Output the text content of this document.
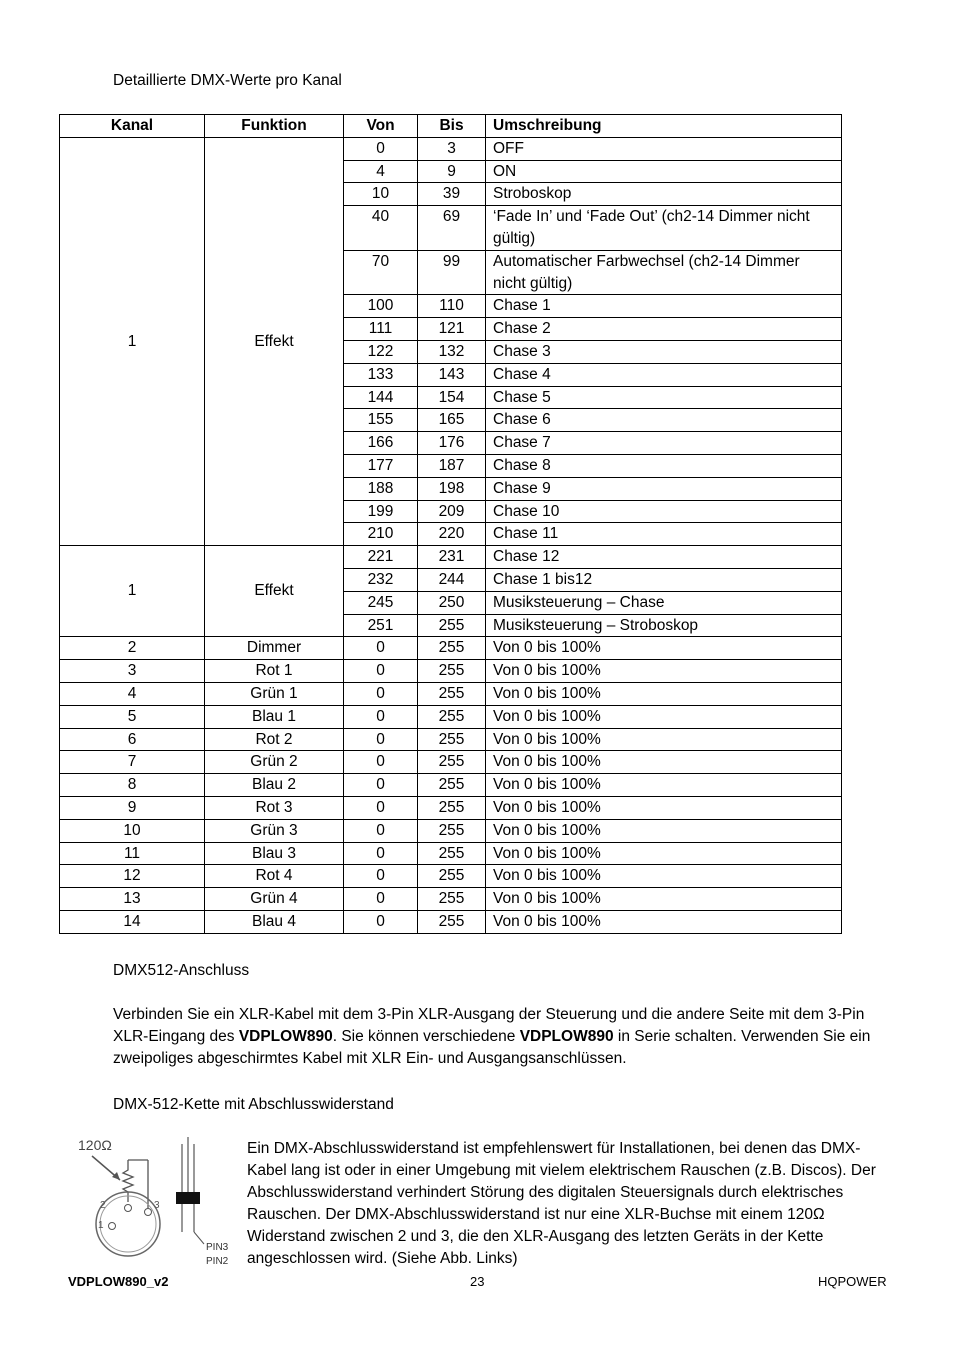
Detaillierte DMX-Werte pro Kanal
Kanal	Funktion	Von	Bis	Umschreibung
1	Effekt	0	3	OFF
		4	9	ON
		10	39	Stroboskop
		40	69	‘Fade In’ und ‘Fade Out’ (ch2-14 Dimmer nicht gültig)
		70	99	Automatischer Farbwechsel (ch2-14 Dimmer nicht gültig)
		100	110	Chase 1
		111	121	Chase 2
		122	132	Chase 3
		133	143	Chase 4
		144	154	Chase 5
		155	165	Chase 6
		166	176	Chase 7
		177	187	Chase 8
		188	198	Chase 9
		199	209	Chase 10
		210	220	Chase 11
1	Effekt	221	231	Chase 12
		232	244	Chase 1 bis12
		245	250	Musiksteuerung – Chase
		251	255	Musiksteuerung – Stroboskop
2	Dimmer	0	255	Von 0 bis 100%
3	Rot 1	0	255	Von 0 bis 100%
4	Grün 1	0	255	Von 0 bis 100%
5	Blau 1	0	255	Von 0 bis 100%
6	Rot 2	0	255	Von 0 bis 100%
7	Grün 2	0	255	Von 0 bis 100%
8	Blau 2	0	255	Von 0 bis 100%
9	Rot 3	0	255	Von 0 bis 100%
10	Grün 3	0	255	Von 0 bis 100%
11	Blau 3	0	255	Von 0 bis 100%
12	Rot 4	0	255	Von 0 bis 100%
13	Grün 4	0	255	Von 0 bis 100%
14	Blau 4	0	255	Von 0 bis 100%
DMX512-Anschluss
Verbinden Sie ein XLR-Kabel mit dem 3-Pin XLR-Ausgang der Steuerung und die andere Seite mit dem 3-Pin XLR-Eingang des VDPLOW890. Sie können verschiedene VDPLOW890 in Serie schalten. Verwenden Sie ein zweipoliges abgeschirmtes Kabel mit XLR Ein- und Ausgangsanschlüssen.
DMX-512-Kette mit Abschlusswiderstand
120Ω
2
1
3
PIN3
PIN2
Ein DMX-Abschlusswiderstand ist empfehlenswert für Installationen, bei denen das DMX-Kabel lang ist oder in einer Umgebung mit vielem elektrischem Rauschen (z.B. Discos). Der Abschlusswiderstand verhindert Störung des digitalen Steuersignals durch elektrisches Rauschen. Der DMX-Abschlusswiderstand ist nur eine XLR-Buchse mit einem 120Ω Widerstand zwischen 2 und 3, die den XLR-Ausgang des letzten Geräts in der Kette angeschlossen wird. (Siehe Abb. Links)
VDPLOW890_v2	23	HQPOWER
